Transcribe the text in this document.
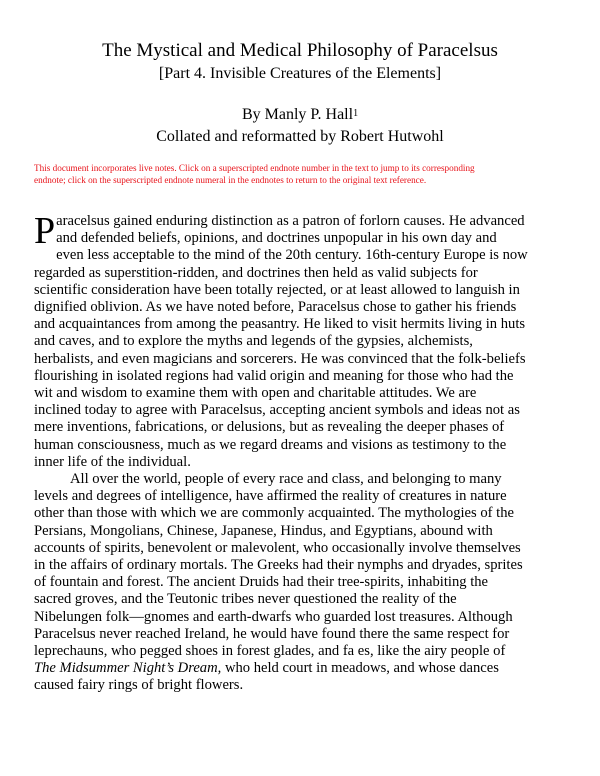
The Mystical and Medical Philosophy of Paracelsus
[Part 4. Invisible Creatures of the Elements]
By Manly P. Hall$^1$
Collated and reformatted by Robert Hutwohl
This document incorporates live notes. Click on a superscripted endnote number in the text to jump to its corresponding
endnote; click on the superscripted endnote numeral in the endnotes to return to the original text reference.
P aracelsus gained enduring distinction as a patron of forlorn causes. He advanced
and defended beliefs, opinions, and doctrines unpopular in his own day and
even less acceptable to the mind of the 20th century. 16th-century Europe is now
regarded as superstition-ridden, and doctrines then held as valid subjects for
scientific consideration have been totally rejected, or at least allowed to languish in
dignified oblivion. As we have noted before, Paracelsus chose to gather his friends
and acquaintances from among the peasantry. He liked to visit hermits living in huts
and caves, and to explore the myths and legends of the gypsies, alchemists,
herbalists, and even magicians and sorcerers. He was convinced that the folk-beliefs
flourishing in isolated regions had valid origin and meaning for those who had the
wit and wisdom to examine them with open and charitable attitudes. We are
inclined today to agree with Paracelsus, accepting ancient symbols and ideas not as
mere inventions, fabrications, or delusions, but as revealing the deeper phases of
human consciousness, much as we regard dreams and visions as testimony to the
inner life of the individual.
All over the world, people of every race and class, and belonging to many
levels and degrees of intelligence, have affirmed the reality of creatures in nature
other than those with which we are commonly acquainted. The mythologies of the
Persians, Mongolians, Chinese, Japanese, Hindus, and Egyptians, abound with
accounts of spirits, benevolent or malevolent, who occasionally involve themselves
in the affairs of ordinary mortals. The Greeks had their nymphs and dryades, sprites
of fountain and forest. The ancient Druids had their tree-spirits, inhabiting the
sacred groves, and the Teutonic tribes never questioned the reality of the
Nibelungen folk—gnomes and earth-dwarfs who guarded lost treasures. Although
Paracelsus never reached Ireland, he would have found there the same respect for
leprechauns, who pegged shoes in forest glades, and fa es, like the airy people of
The Midsummer Night’s Dream, who held court in meadows, and whose dances
caused fairy rings of bright flowers.
